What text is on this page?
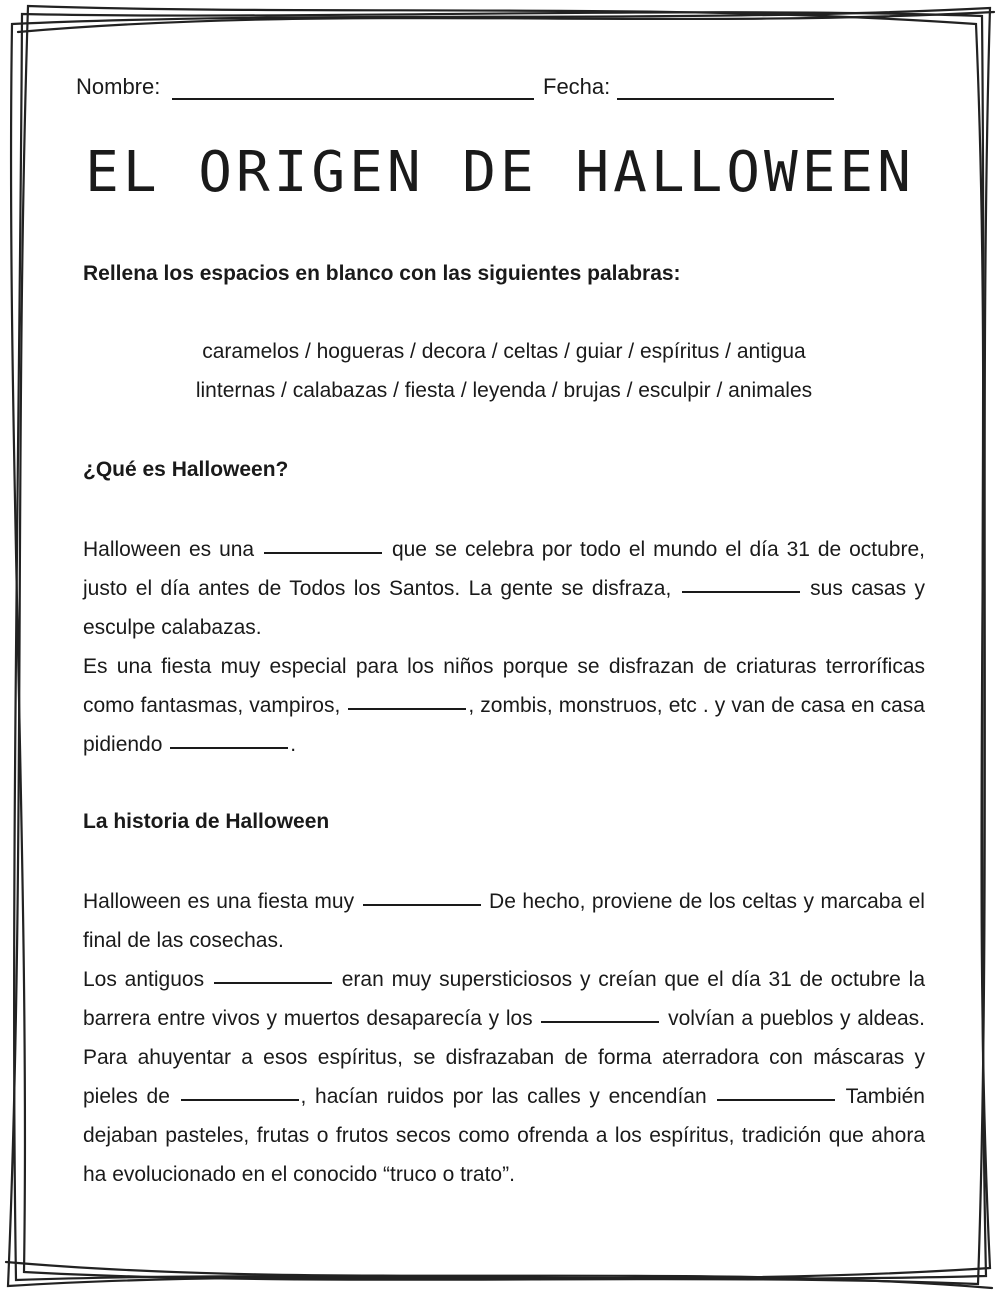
Nombre:	Fecha:
EL ORIGEN DE HALLOWEEN
Rellena los espacios en blanco con las siguientes palabras:
caramelos / hogueras / decora / celtas / guiar / espíritus / antigua
linternas / calabazas / fiesta / leyenda / brujas / esculpir / animales
¿Qué es Halloween?

Halloween es una	que se celebra por todo el mundo el día 31 de octubre, justo el día antes de Todos los Santos. La gente se disfraza,	sus casas y esculpe calabazas.

Es una fiesta muy especial para los niños porque se disfrazan de criaturas terroríficas como fantasmas, vampiros,	, zombis, monstruos, etc . y van de casa en casa pidiendo	.

La historia de Halloween

Halloween es una fiesta muy	De hecho, proviene de los celtas y marcaba el final de las cosechas.

Los antiguos	eran muy supersticiosos y creían que el día 31 de octubre la barrera entre vivos y muertos desaparecía y los	volvían a pueblos y aldeas. Para ahuyentar a esos espíritus, se disfrazaban de forma aterradora con máscaras y pieles de	, hacían ruidos por las calles y encendían	También dejaban pasteles, frutas o frutos secos como ofrenda a los espíritus, tradición que ahora ha evolucionado en el conocido “truco o trato”.
